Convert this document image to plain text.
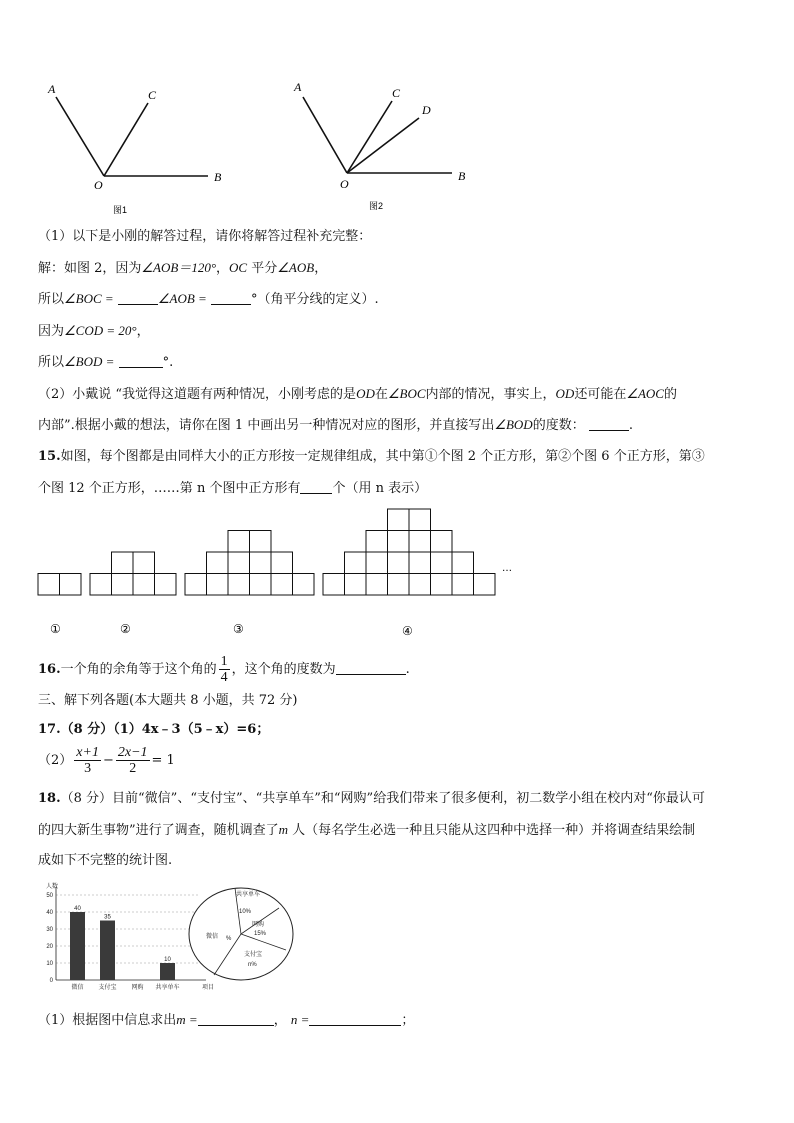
A	C
O
B
图1
A	C
D
O
B
图2
（1）以下是小刚的解答过程，请你将解答过程补充完整：
解：如图 2，因为∠AOB＝120°，OC 平分∠AOB，
所以∠BOC =	∠AOB =	°（角平分线的定义）.
因为∠COD = 20°，
所以∠BOD =	°.
（2）小戴说 “我觉得这道题有两种情况，小刚考虑的是OD在∠BOC内部的情况，事实上，OD还可能在∠AOC的
内部”.根据小戴的想法，请你在图 1 中画出另一种情况对应的图形，并直接写出∠BOD的度数：	.
15.如图，每个图都是由同样大小的正方形按一定规律组成，其中第①个图 2 个正方形，第②个图 6 个正方形，第③
个图 12 个正方形，……第 n 个图中正方形有 个（用 n 表示）
…
①	②	③	④
16.一个角的余角等于这个角的 $\frac{1}{4}$ ，这个角的度数为	.
三、解下列各题(本大题共 8 小题，共 72 分)
17.（8 分）（1）4x﹣3（5﹣x）=6；
$(2) \frac{x+1}{3} - \frac{2x-1}{2} = 1$
18.（8 分）目前“微信”、“支付宝”、“共享单车”和“网购”给我们带来了很多便利，初二数学小组在校内对“你最认可
的四大新生事物”进行了调查，随机调查了m 人（每名学生必选一种且只能从这四种中选择一种）并将调查结果绘制
成如下不完整的统计图.
人数
0
10
20
30
40
50
40
微信
35
支付宝 网购
10
共享单车	项目
共享单车
10%
网购
15%
支付宝
n%
微信 %
（1）根据图中信息求出m =	， n =	；
